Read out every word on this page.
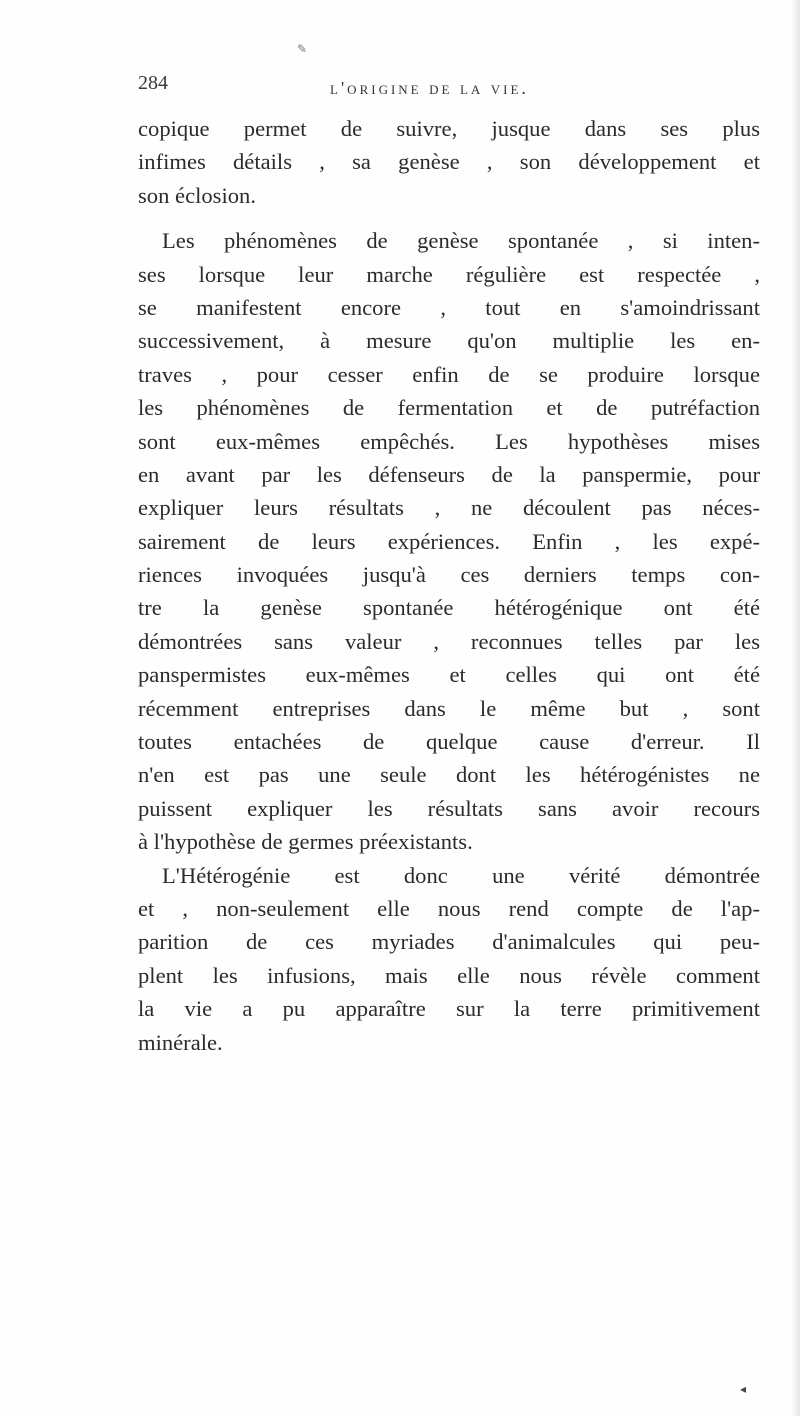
✎
284	l'origine de la vie.
copique permet de suivre, jusque dans ses plus
infimes détails , sa genèse , son développement et
son éclosion.
Les phénomènes de genèse spontanée , si inten-
ses lorsque leur marche régulière est respectée ,
se manifestent encore , tout en s'amoindrissant
successivement, à mesure qu'on multiplie les en-
traves , pour cesser enfin de se produire lorsque
les phénomènes de fermentation et de putréfaction
sont eux-mêmes empêchés. Les hypothèses mises
en avant par les défenseurs de la panspermie, pour
expliquer leurs résultats , ne découlent pas néces-
sairement de leurs expériences. Enfin , les expé-
riences invoquées jusqu'à ces derniers temps con-
tre la genèse spontanée hétérogénique ont été
démontrées sans valeur , reconnues telles par les
panspermistes eux-mêmes et celles qui ont été
récemment entreprises dans le même but , sont
toutes entachées de quelque cause d'erreur. Il
n'en est pas une seule dont les hétérogénistes ne
puissent expliquer les résultats sans avoir recours
à l'hypothèse de germes préexistants.
L'Hétérogénie est donc une vérité démontrée
et , non-seulement elle nous rend compte de l'ap-
parition de ces myriades d'animalcules qui peu-
plent les infusions, mais elle nous révèle comment
la vie a pu apparaître sur la terre primitivement
minérale.
◂
